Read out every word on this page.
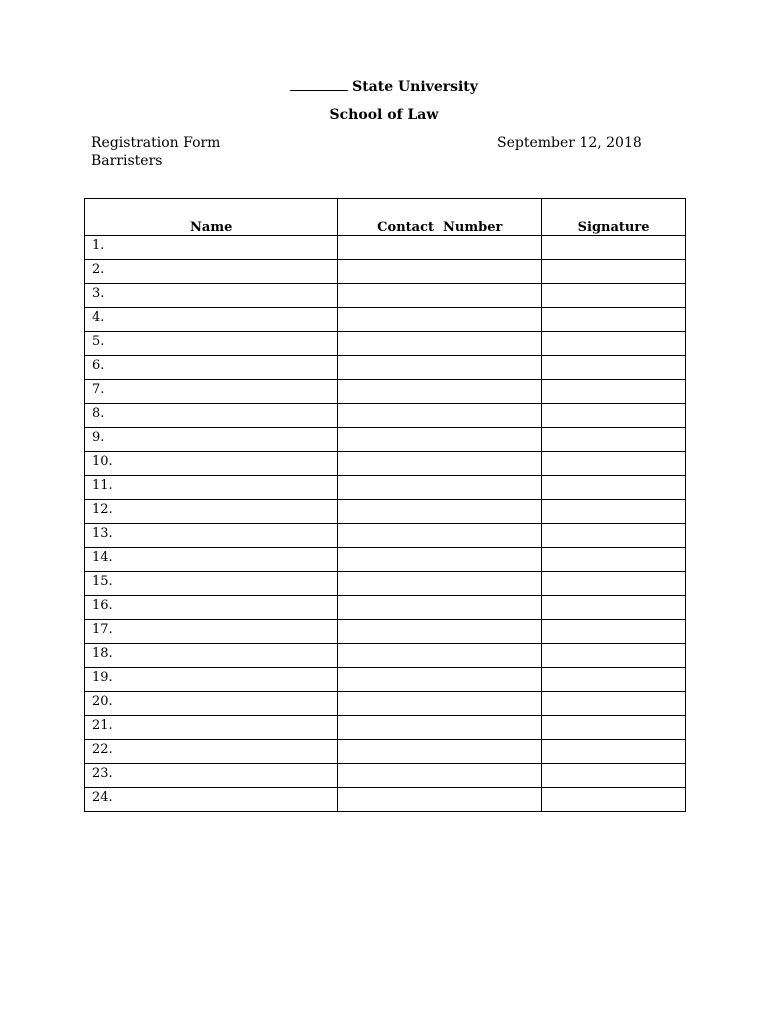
State University
School of Law
Registration Form	September 12, 2018
Barristers
Name	Contact  Number	Signature
1.		
2.		
3.		
4.		
5.		
6.		
7.		
8.		
9.		
10.		
11.		
12.		
13.		
14.		
15.		
16.		
17.		
18.		
19.		
20.		
21.		
22.		
23.		
24.		
